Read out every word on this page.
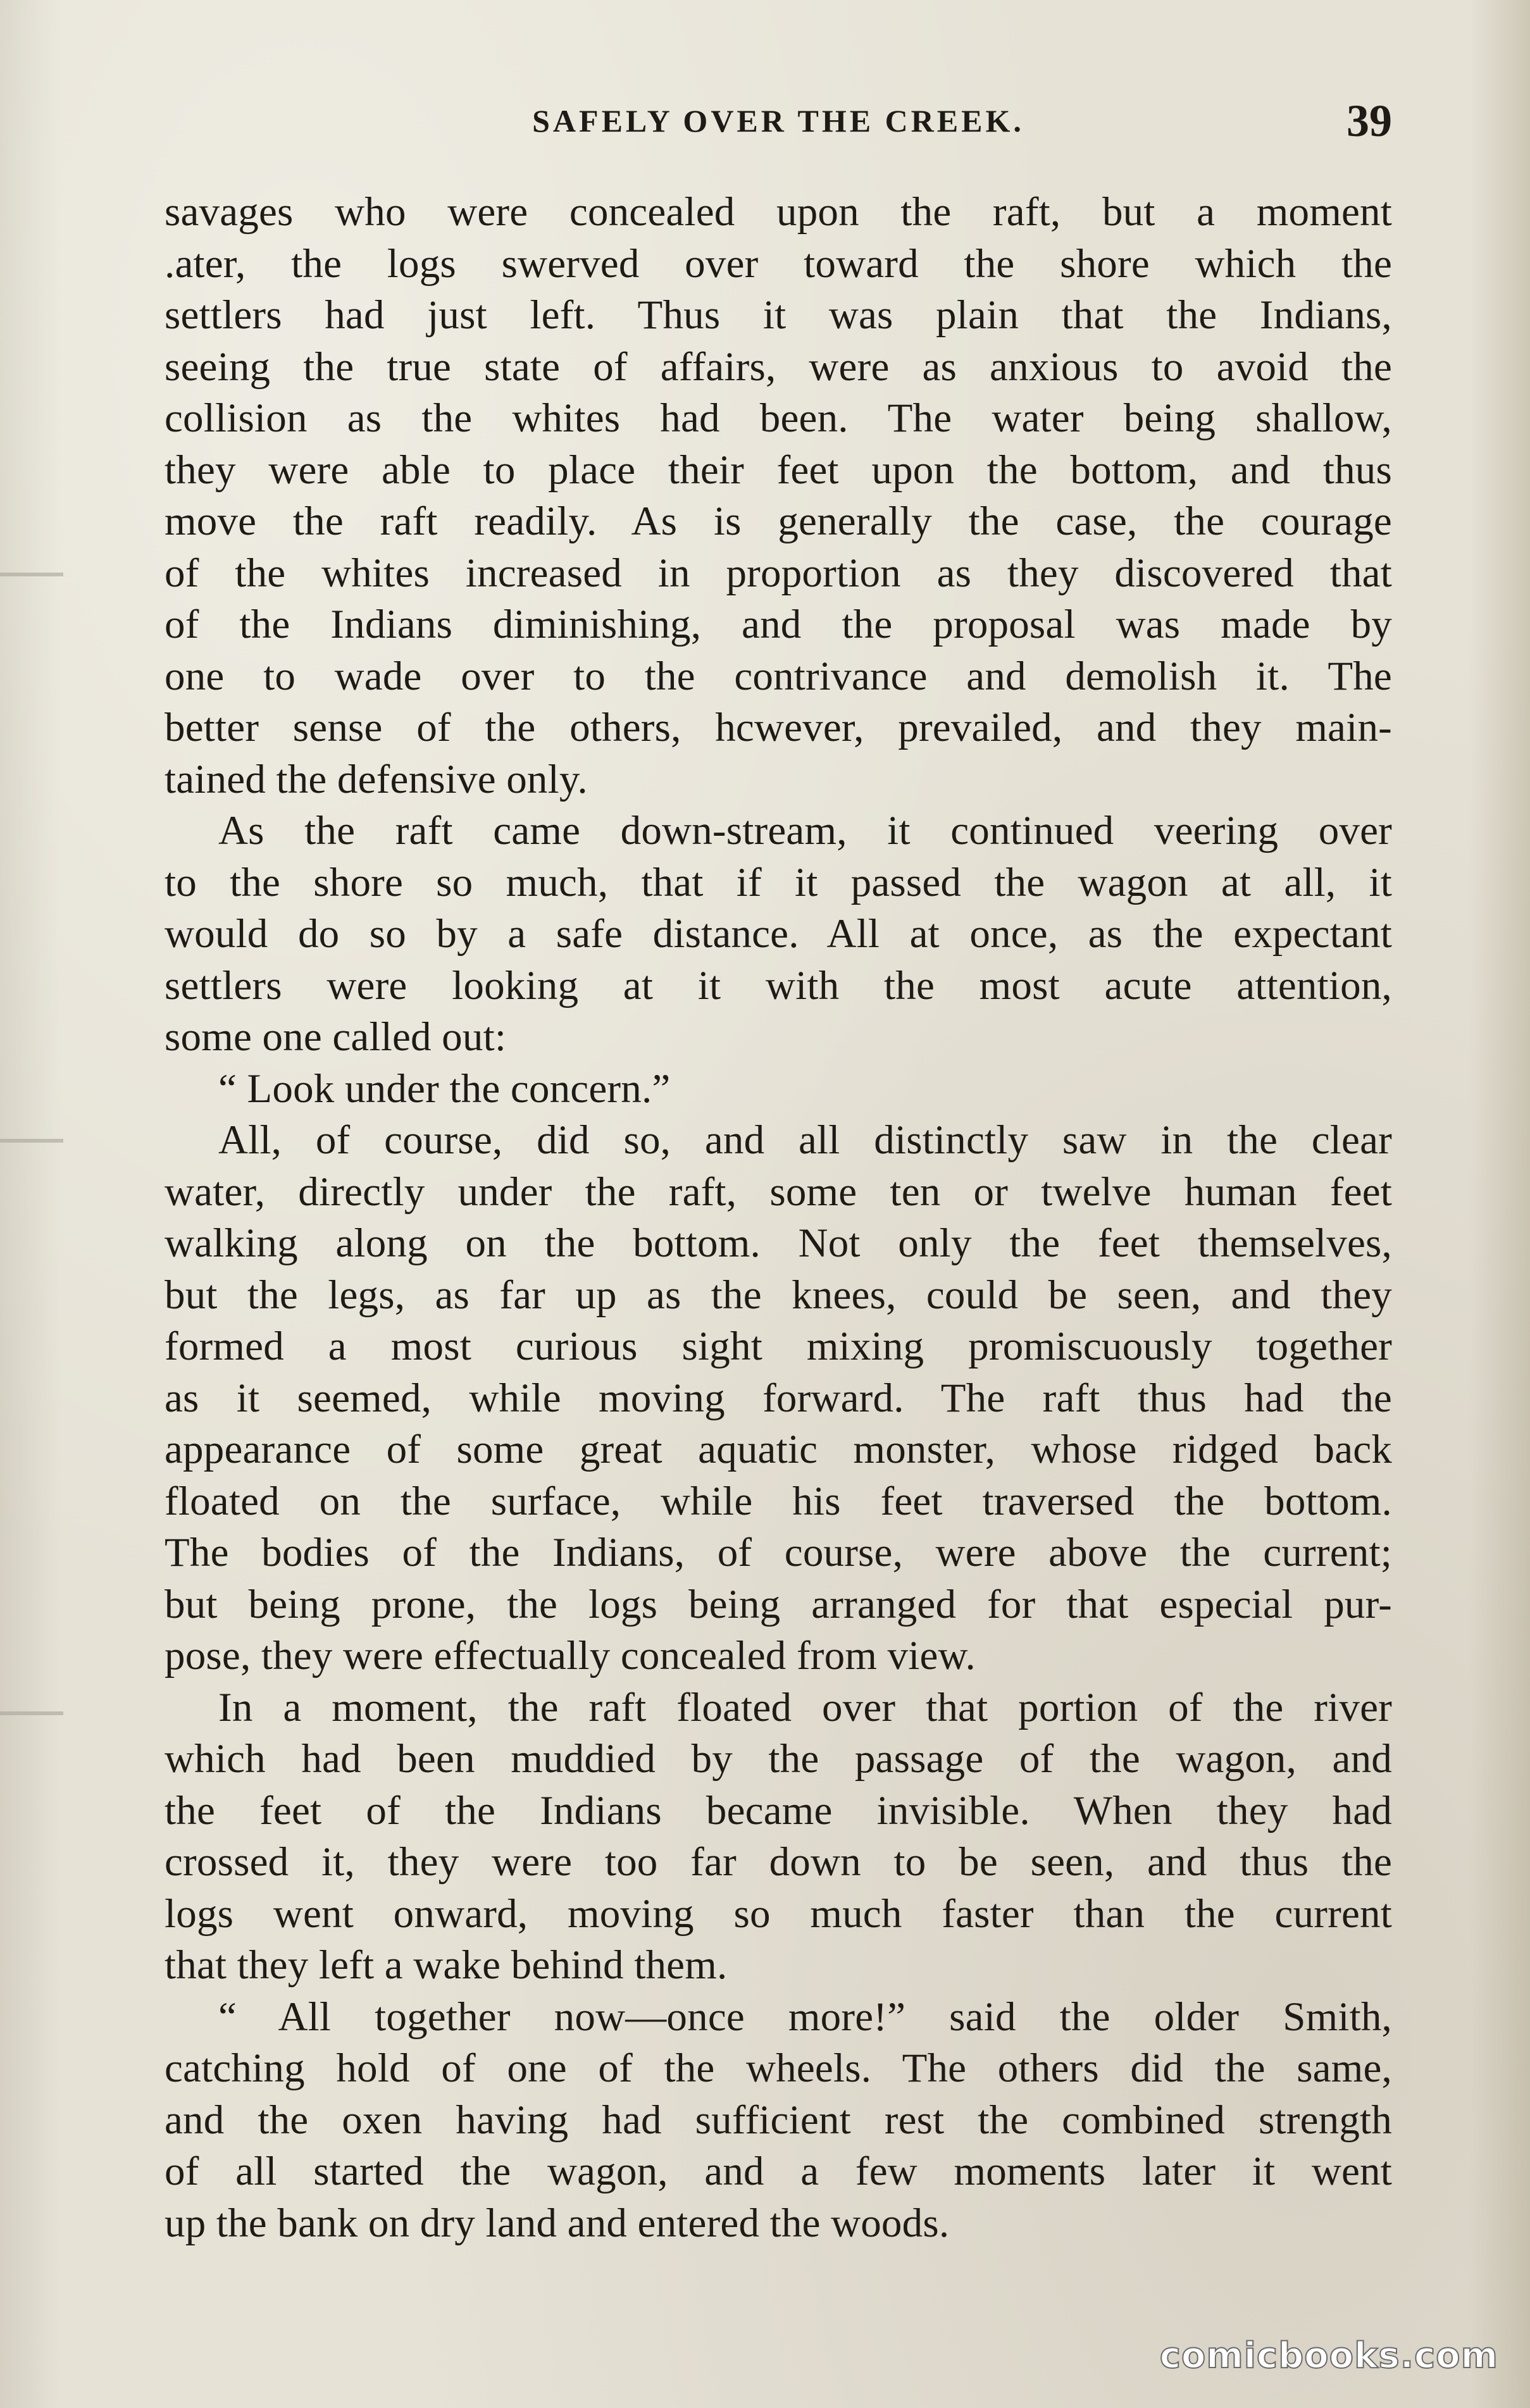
SAFELY OVER THE CREEK.	39
savages who were concealed upon the raft, but a moment
.ater, the logs swerved over toward the shore which the
settlers had just left. Thus it was plain that the Indians,
seeing the true state of affairs, were as anxious to avoid the
collision as the whites had been. The water being shallow,
they were able to place their feet upon the bottom, and thus
move the raft readily. As is generally the case, the courage
of the whites increased in proportion as they discovered that
of the Indians diminishing, and the proposal was made by
one to wade over to the contrivance and demolish it. The
better sense of the others, hcwever, prevailed, and they main-
tained the defensive only.
As the raft came down-stream, it continued veering over
to the shore so much, that if it passed the wagon at all, it
would do so by a safe distance. All at once, as the expectant
settlers were looking at it with the most acute attention,
some one called out:
“ Look under the concern.”
All, of course, did so, and all distinctly saw in the clear
water, directly under the raft, some ten or twelve human feet
walking along on the bottom. Not only the feet themselves,
but the legs, as far up as the knees, could be seen, and they
formed a most curious sight mixing promiscuously together
as it seemed, while moving forward. The raft thus had the
appearance of some great aquatic monster, whose ridged back
floated on the surface, while his feet traversed the bottom.
The bodies of the Indians, of course, were above the current;
but being prone, the logs being arranged for that especial pur-
pose, they were effectually concealed from view.
In a moment, the raft floated over that portion of the river
which had been muddied by the passage of the wagon, and
the feet of the Indians became invisible. When they had
crossed it, they were too far down to be seen, and thus the
logs went onward, moving so much faster than the current
that they left a wake behind them.
“ All together now—once more!” said the older Smith,
catching hold of one of the wheels. The others did the same,
and the oxen having had sufficient rest the combined strength
of all started the wagon, and a few moments later it went
up the bank on dry land and entered the woods.
comicbooks.com
